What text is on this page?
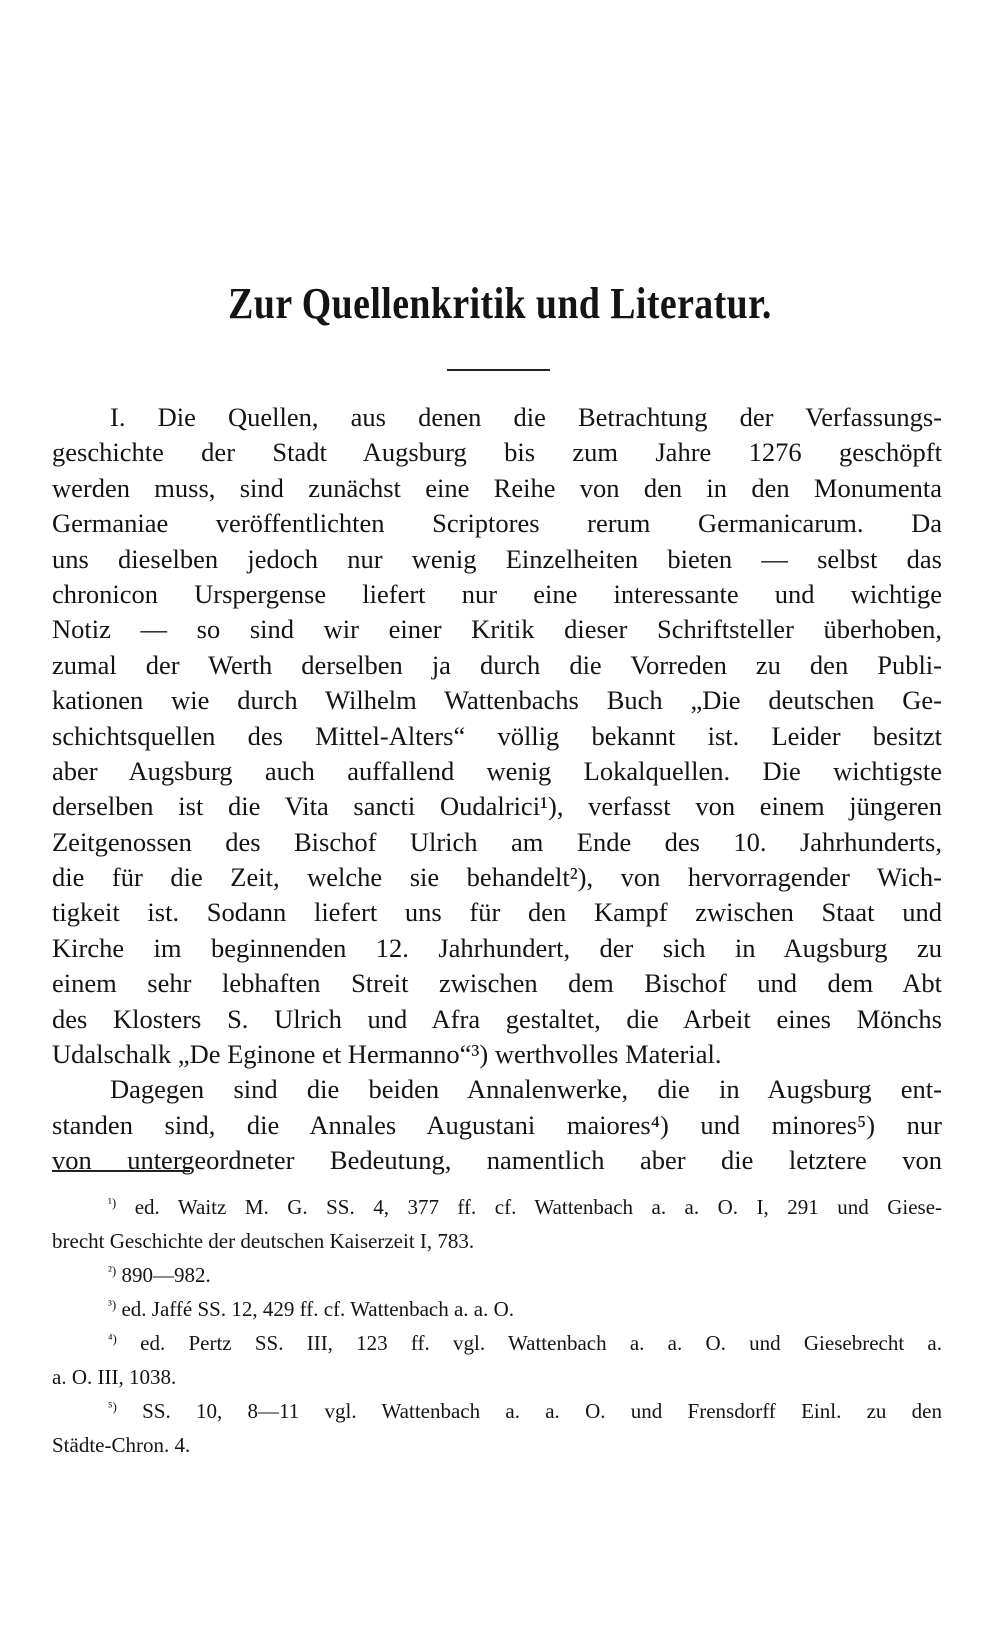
Zur Quellenkritik und Literatur.
I. Die Quellen, aus denen die Betrachtung der Verfassungs-
geschichte der Stadt Augsburg bis zum Jahre 1276 geschöpft
werden muss, sind zunächst eine Reihe von den in den Monumenta
Germaniae veröffentlichten Scriptores rerum Germanicarum. Da
uns dieselben jedoch nur wenig Einzelheiten bieten — selbst das
chronicon Urspergense liefert nur eine interessante und wichtige
Notiz — so sind wir einer Kritik dieser Schriftsteller überhoben,
zumal der Werth derselben ja durch die Vorreden zu den Publi-
kationen wie durch Wilhelm Wattenbachs Buch „Die deutschen Ge-
schichtsquellen des Mittel-Alters“ völlig bekannt ist. Leider besitzt
aber Augsburg auch auffallend wenig Lokalquellen. Die wichtigste
derselben ist die Vita sancti Oudalrici¹), verfasst von einem jüngeren
Zeitgenossen des Bischof Ulrich am Ende des 10. Jahrhunderts,
die für die Zeit, welche sie behandelt²), von hervorragender Wich-
tigkeit ist. Sodann liefert uns für den Kampf zwischen Staat und
Kirche im beginnenden 12. Jahrhundert, der sich in Augsburg zu
einem sehr lebhaften Streit zwischen dem Bischof und dem Abt
des Klosters S. Ulrich und Afra gestaltet, die Arbeit eines Mönchs
Udalschalk „De Eginone et Hermanno“³) werthvolles Material.
Dagegen sind die beiden Annalenwerke, die in Augsburg ent-
standen sind, die Annales Augustani maiores⁴) und minores⁵) nur
von untergeordneter Bedeutung, namentlich aber die letztere von
$^{^1)}$ ed. Waitz M. G. SS. 4, 377 ff. cf. Wattenbach a. a. O. I, 291 und Giese-
brecht Geschichte der deutschen Kaiserzeit I, 783.
$^{^2)}$ 890—982.
$^{^3)}$ ed. Jaffé SS. 12, 429 ff. cf. Wattenbach a. a. O.
$^{^4)}$ ed. Pertz SS. III, 123 ff. vgl. Wattenbach a. a. O. und Giesebrecht a.
a. O. III, 1038.
$^{^5)}$ SS. 10, 8—11 vgl. Wattenbach a. a. O. und Frensdorff Einl. zu den
Städte-Chron. 4.
